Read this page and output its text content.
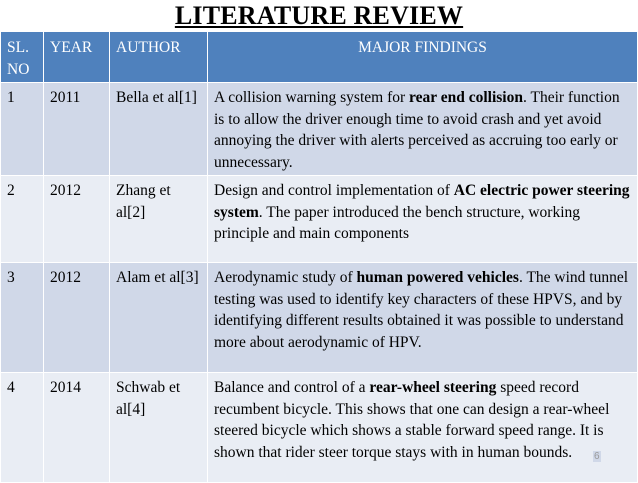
LITERATURE REVIEW
SL. NO	YEAR	AUTHOR	MAJOR FINDINGS
1	2011	Bella et al[1]	A collision warning system for rear end collision. Their function is to allow the driver enough time to avoid crash and yet avoid annoying the driver with alerts perceived as accruing too early or unnecessary.
2	2012	Zhang et al[2]	Design and control implementation of AC electric power steering system. The paper introduced the bench structure, working principle and main components
3	2012	Alam et al[3]	Aerodynamic study of human powered vehicles. The wind tunnel testing was used to identify key characters of these HPVS, and by identifying different results obtained it was possible to understand more about aerodynamic of HPV.
4	2014	Schwab et al[4]	Balance and control of a rear-wheel steering speed record recumbent bicycle. This shows that one can design a rear-wheel steered bicycle which shows a stable forward speed range. It is shown that rider steer torque stays with in human bounds. 6
